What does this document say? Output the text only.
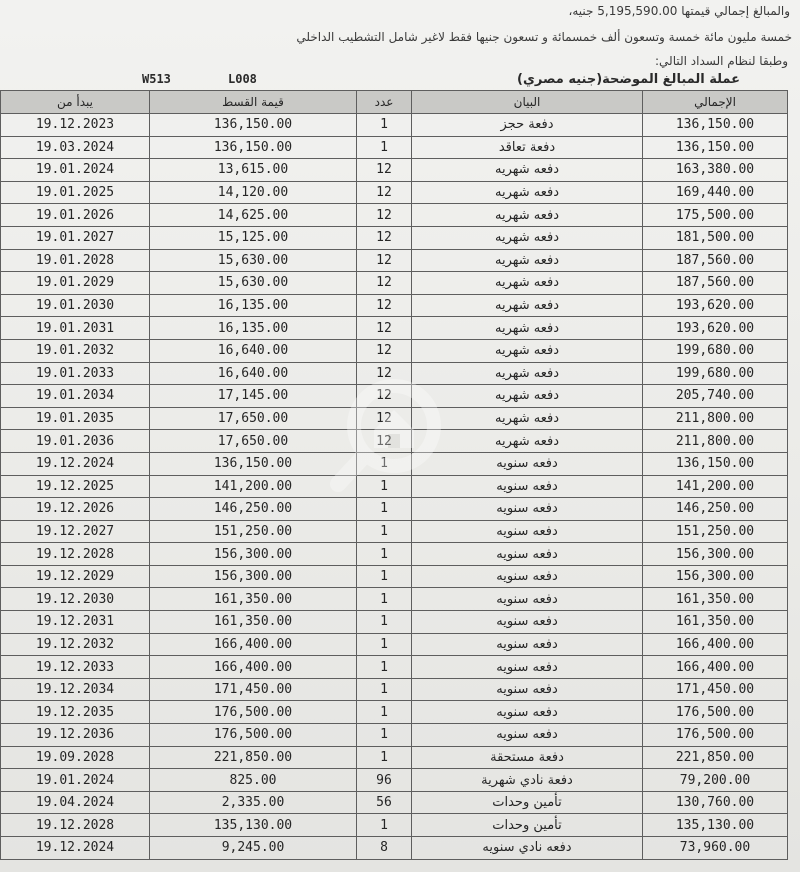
والمبالغ إجمالي قيمتها 5,195,590.00 جنيه،
خمسة مليون مائة خمسة وتسعون ألف خمسمائة و تسعون جنيها فقط لاغير شامل التشطيب الداخلي
وطبقا لنظام السداد التالي:
W513	L008	عملة المبالغ الموضحة(جنيه مصري)
يبدأ من	قيمة القسط	عدد	البيان	الإجمالي
19.12.2023	136,150.00	1	دفعة حجز	136,150.00
19.03.2024	136,150.00	1	دفعة تعاقد	136,150.00
19.01.2024	13,615.00	12	دفعه شهريه	163,380.00
19.01.2025	14,120.00	12	دفعه شهريه	169,440.00
19.01.2026	14,625.00	12	دفعه شهريه	175,500.00
19.01.2027	15,125.00	12	دفعه شهريه	181,500.00
19.01.2028	15,630.00	12	دفعه شهريه	187,560.00
19.01.2029	15,630.00	12	دفعه شهريه	187,560.00
19.01.2030	16,135.00	12	دفعه شهريه	193,620.00
19.01.2031	16,135.00	12	دفعه شهريه	193,620.00
19.01.2032	16,640.00	12	دفعه شهريه	199,680.00
19.01.2033	16,640.00	12	دفعه شهريه	199,680.00
19.01.2034	17,145.00	12	دفعه شهريه	205,740.00
19.01.2035	17,650.00	12	دفعه شهريه	211,800.00
19.01.2036	17,650.00	12	دفعه شهريه	211,800.00
19.12.2024	136,150.00	1	دفعه سنويه	136,150.00
19.12.2025	141,200.00	1	دفعه سنويه	141,200.00
19.12.2026	146,250.00	1	دفعه سنويه	146,250.00
19.12.2027	151,250.00	1	دفعه سنويه	151,250.00
19.12.2028	156,300.00	1	دفعه سنويه	156,300.00
19.12.2029	156,300.00	1	دفعه سنويه	156,300.00
19.12.2030	161,350.00	1	دفعه سنويه	161,350.00
19.12.2031	161,350.00	1	دفعه سنويه	161,350.00
19.12.2032	166,400.00	1	دفعه سنويه	166,400.00
19.12.2033	166,400.00	1	دفعه سنويه	166,400.00
19.12.2034	171,450.00	1	دفعه سنويه	171,450.00
19.12.2035	176,500.00	1	دفعه سنويه	176,500.00
19.12.2036	176,500.00	1	دفعه سنويه	176,500.00
19.09.2028	221,850.00	1	دفعة مستحقة	221,850.00
19.01.2024	825.00	96	دفعة نادي شهرية	79,200.00
19.04.2024	2,335.00	56	تأمين وحدات	130,760.00
19.12.2028	135,130.00	1	تأمين وحدات	135,130.00
19.12.2024	9,245.00	8	دفعه نادي سنويه	73,960.00
